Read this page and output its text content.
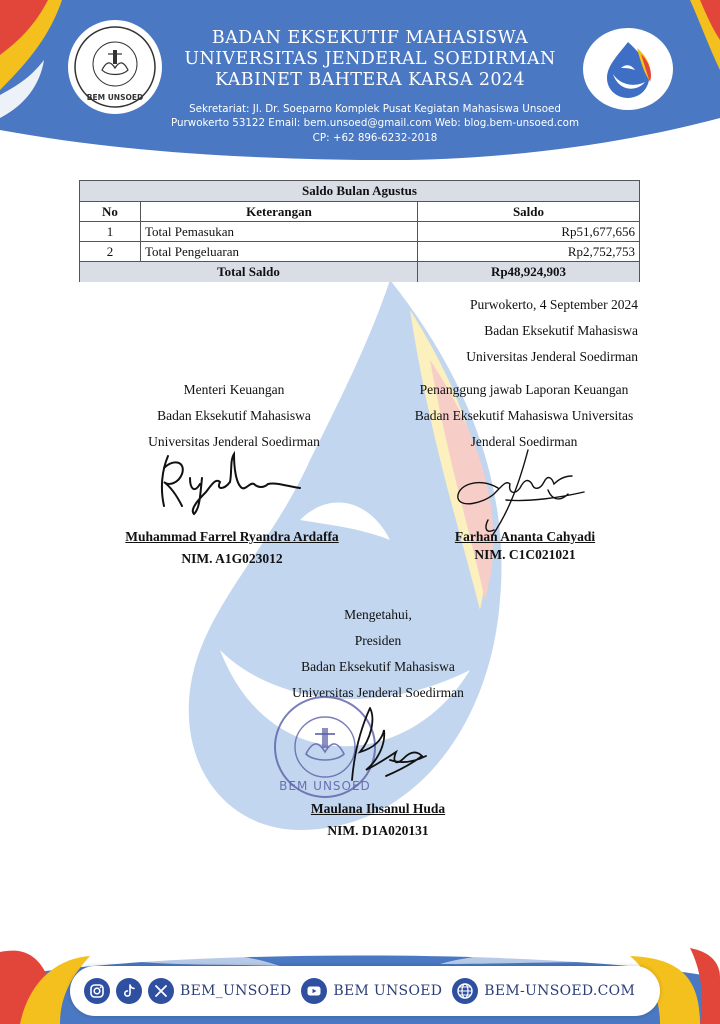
BEM UNSOED
BADAN EKSEKUTIF MAHASISWA
UNIVERSITAS JENDERAL SOEDIRMAN
KABINET BAHTERA KARSA 2024
Sekretariat: Jl. Dr. Soeparno Komplek Pusat Kegiatan Mahasiswa Unsoed
Purwokerto 53122 Email: bem.unsoed@gmail.com Web: blog.bem-unsoed.com
CP: +62 896-6232-2018
Saldo Bulan Agustus		
No	Keterangan	Saldo
1	Total Pemasukan	Rp51,677,656
2	Total Pengeluaran	Rp2,752,753
Total Saldo		Rp48,924,903
Purwokerto, 4 September 2024
Badan Eksekutif Mahasiswa
Universitas Jenderal Soedirman
Menteri Keuangan
Badan Eksekutif Mahasiswa
Universitas Jenderal Soedirman
Muhammad Farrel Ryandra Ardaffa
NIM. A1G023012
Penanggung jawab Laporan Keuangan
Badan Eksekutif Mahasiswa Universitas
Jenderal Soedirman
Farhan Ananta Cahyadi
NIM. C1C021021
Mengetahui,
Presiden
Badan Eksekutif Mahasiswa
Universitas Jenderal Soedirman
BEM UNSOED
Maulana Ihsanul Huda
NIM. D1A020131
BEM_UNSOED	BEM UNSOED	BEM-UNSOED.COM
